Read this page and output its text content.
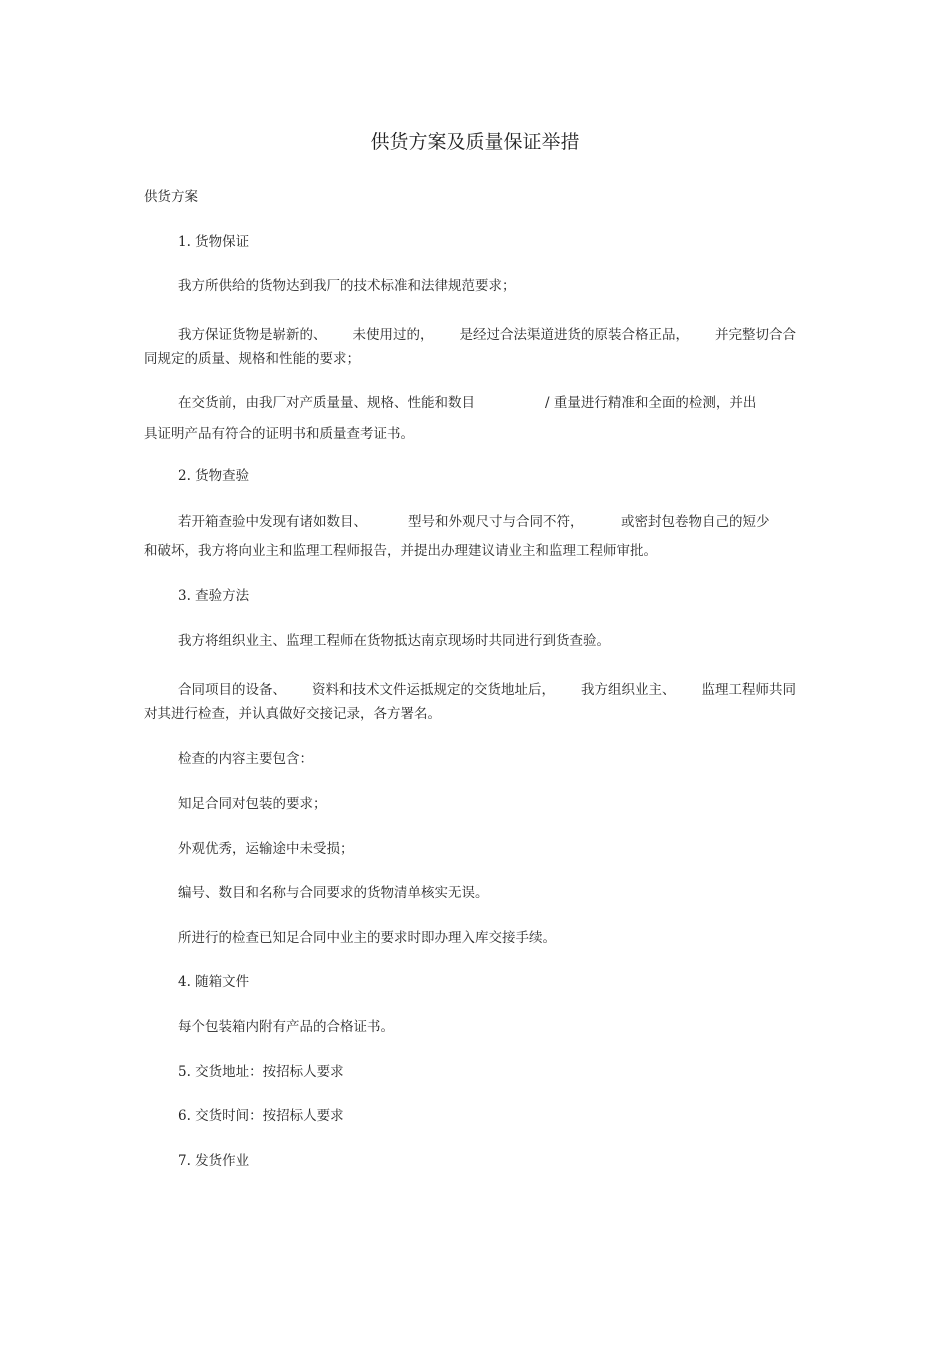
供货方案及质量保证举措
供货方案
1. 货物保证
我方所供给的货物达到我厂的技术标准和法律规范要求；
我方保证货物是崭新的、 未使用过的， 是经过合法渠道进货的原装合格正品， 并完整切合合
同规定的质量、规格和性能的要求；
在交货前，由我厂对产质量量、规格、性能和数目	/ 重量进行精准和全面的检测，并出
具证明产品有符合的证明书和质量查考证书。
2. 货物查验
若开箱查验中发现有诸如数目、	型号和外观尺寸与合同不符，	或密封包卷物自己的短少
和破坏，我方将向业主和监理工程师报告，并提出办理建议请业主和监理工程师审批。
3. 查验方法
我方将组织业主、监理工程师在货物抵达南京现场时共同进行到货查验。
合同项目的设备、 资料和技术文件运抵规定的交货地址后， 我方组织业主、 监理工程师共同
对其进行检查，并认真做好交接记录，各方署名。
检查的内容主要包含：
知足合同对包装的要求；
外观优秀，运输途中未受损；
编号、数目和名称与合同要求的货物清单核实无误。
所进行的检查已知足合同中业主的要求时即办理入库交接手续。
4. 随箱文件
每个包装箱内附有产品的合格证书。
5. 交货地址：按招标人要求
6. 交货时间：按招标人要求
7. 发货作业
